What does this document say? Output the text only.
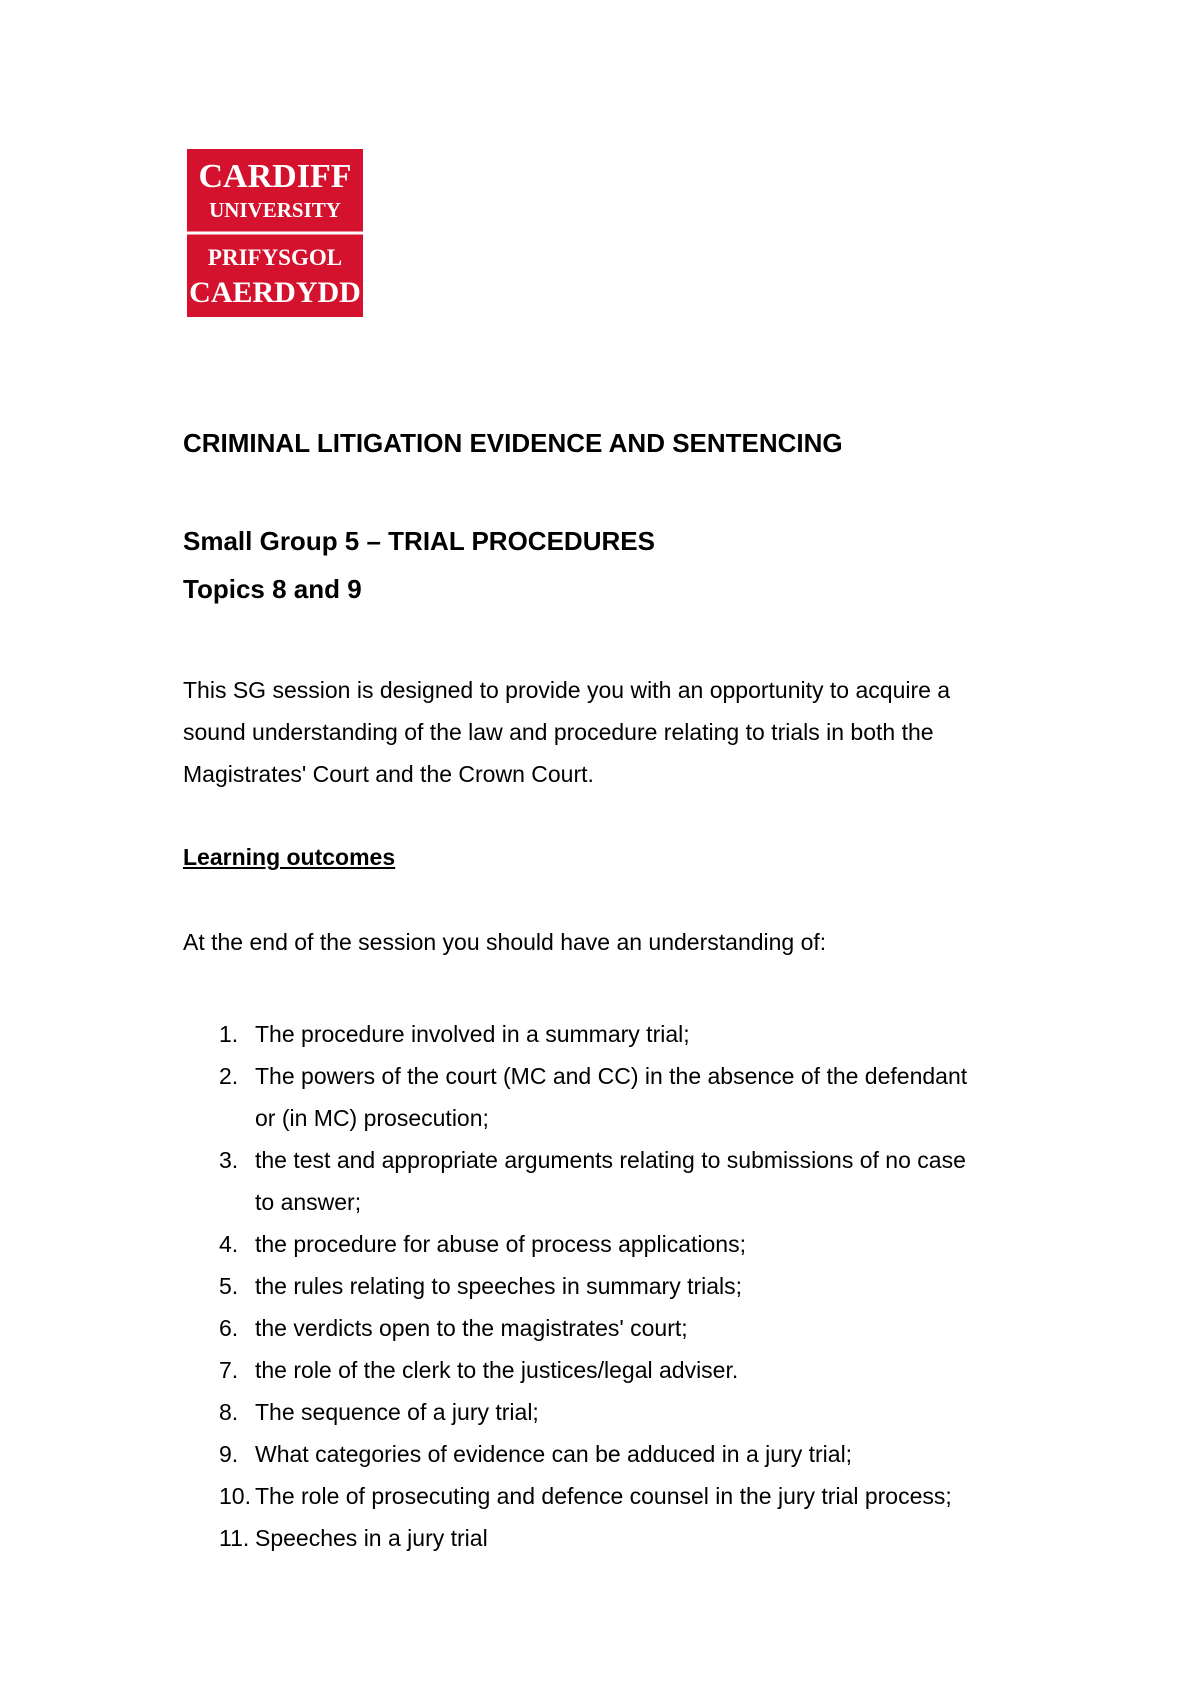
CARDIFF
UNIVERSITY
PRIFYSGOL
CAERDYDD
CRIMINAL LITIGATION EVIDENCE AND SENTENCING
Small Group 5 – TRIAL PROCEDURES
Topics 8 and 9
This SG session is designed to provide you with an opportunity to acquire a
sound understanding of the law and procedure relating to trials in both the
Magistrates' Court and the Crown Court.
Learning outcomes
At the end of the session you should have an understanding of:
1. The procedure involved in a summary trial;
2. The powers of the court (MC and CC) in the absence of the defendant
or (in MC) prosecution;
3. the test and appropriate arguments relating to submissions of no case
to answer;
4. the procedure for abuse of process applications;
5. the rules relating to speeches in summary trials;
6. the verdicts open to the magistrates' court;
7. the role of the clerk to the justices/legal adviser.
8. The sequence of a jury trial;
9. What categories of evidence can be adduced in a jury trial;
10. The role of prosecuting and defence counsel in the jury trial process;
11. Speeches in a jury trial
